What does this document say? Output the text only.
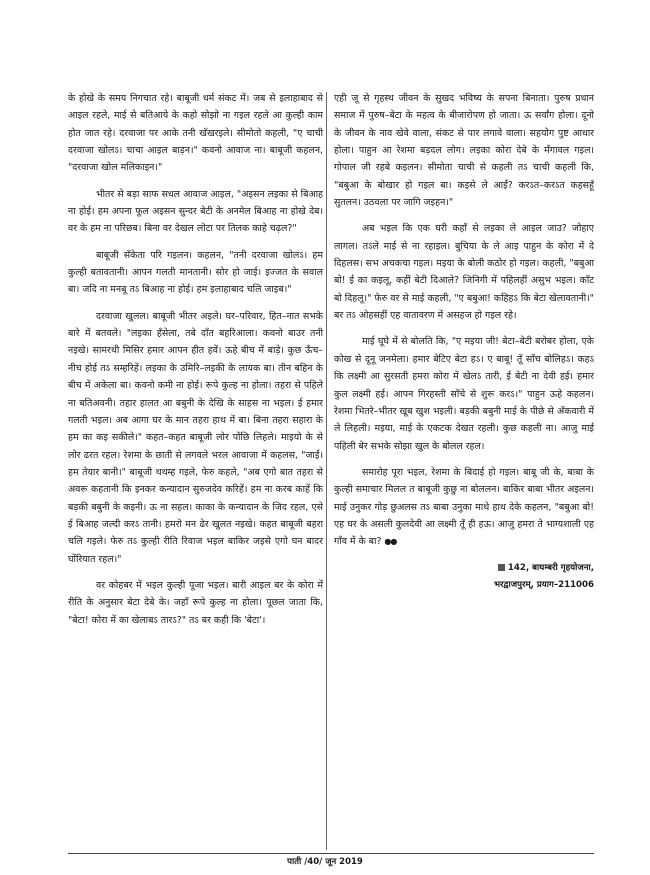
के होखे के समय निगचात रहे। बाबूजी धर्म संकट में। जब से इलाहाबाद से आइल रहले, माई से बतिआये के कहो सोझो ना गइल रहले आ कुल्ही काम होत जात रहे। दरवाजा पर आके तनी खँखरइले। सीमोतो कहली, "ए चाची दरवाजा खोलऽ। चाचा आइल बाड़न।" कवनो आवाज ना। बाबूजी कहलन, "दरवाजा खोल मलिकाइन।"

भीतर से बड़ा साफ सधल आवाज आइल, "अइसन लइका से बिआह ना होई। हम अपना फूल अइसन सुन्दर बेटी के अनमेल बिआह ना होखे देब। वर के हम ना परिछब। बिना वर देखल लोटा पर तिलक काहे चढ़ल?"

बाबूजी सँकेता परि गइलन। कहलन, "तनी दरवाजा खोलऽ। हम कुल्ही बतावतानी। आपन गलती मानतानी। सोर हो जाई। इज्जत के सवाल बा। जदि ना मनबू तऽ बिआह ना होई। हम इलाहाबाद चलि जाइब।"

दरवाजा खुलल। बाबूजी भीतर अइले। घर–परिवार, हित–नात सभके बारे में बतवले। "लइका हँसेला, तबे दाँत बहरिआला। कवनो बाउर तनी नइखे। सामरथी मिसिर हमार आपन हीत हवें। ऊहे बीच में बाड़े। कुछ ऊँच–नीच होई तऽ सम्हरिहें। लइका के उमिरि–लइकी के लायक बा। तीन बहिन के बीच में अकेला बा। कवनो कमी ना होई। रूपे कुल्ह ना होला। तहरा से पहिले ना बतिअवनी। तहार हालत आ बबुनी के देखि के साहस ना भइल। ई हमार गलती भइल। अब आगा घर के मान तहरा हाथ में बा। बिना तहरा सहारा के हम का कइ सकीले।" कहत–कहत बाबूजी लोर पोंछि लिहले। माइयो के से लोर ढरत रहल। रेशमा के छाती से लगवले भरल आवाजा में कहलस, "जाईं। हम तेयार बानी।" बाबूजी थथम्ह गइले, फेरु कहले, "अब एगो बात तहरा से अवरू कहतानी कि इनकर कन्यादान सुरुजदेव करिहें। हम ना करब काहें कि बड़की बबुनी के कइनी। ऊ ना सहल। काका के कन्यादान के जिद रहल, एसे ई बिआह जल्दी करऽ तानी। हमरो मन ढेर खुलत नइखे। कहत बाबूजी बहरा चलि गइले। फेरु तऽ कुल्ही रीति रिवाज भइल बाकिर जइसे एगो घन बादर घोंरियात रहल।"

वर कोहबर में भइल कुल्ही पूजा भइल। बारी आइल बर के कोरा में रीति के अनुसार बेटा देबे के। जहाँ रूपे कुल्ह ना होला। पूछल जाता कि, "बेटा! कोरा में का खेलाबऽ तारऽ?" तऽ बर कही कि 'बेटा'।

एही जू से गृहस्थ जीवन के सुखद भविष्य के सपना बिनाता। पुरुष प्रधान समाज में पुरुष–बेटा के महत्व के बीजारोपण हो जाता। ऊ सर्वांग होला। दूनो के जीवन के नाव खेवे वाला, संकट से पार लगावे वाला। सहयोग पुष्ट आधार होला। पाहुन आ रेशमा बड़दल लोग। लइका कोरा देबे के मँगावल गइल। गोपाल जी रहबे कइलन। सीमोता चाची से कहली तऽ चाची कहली कि, "बबुआ के बोखार हो गइल बा। कइसे ले आईं? करऽत–करऽत कहसहूँ सुतलन। उठवला पर जागि जइहन।"

अब भइल कि एक घरी कहाँ से लइका ले आइल जाउ? जोहाए लागल। तऽले माई से ना रहाइल। बुचिया के ले आइ पाहुन के कोरा में दे दिहलस। सभ अचकचा गइल। मइया के बोली कठोर हो गइल। कहली, "बबुआ बो! ई का कइलू, कहीं बेटी दिआले? जिनिगी में पहिलहीं असुभ भइल। काँट बो दिहलू।" फेरु वर से माई कहली, "ए बबुआ! कहिहऽ कि बेटा खेलावतानी।" बर तऽ ओहसहीं एह वातावरण में असहज हो गइल रहे।

माई घूघे में से बोलति कि, "ए मइया जी! बेटा–बेटी बरोबर होला, एके कोख से दूनू जनमेला। हमार बेटिए बेटा हऽ। ए बाबू! तूँ साँच बोलिहऽ। कहऽ कि लक्ष्मी आ सुरसती हमरा कोरा में खेलऽ तारी, ई बेटी ना देवी हई। हमार कुल लक्ष्मी हई। आपन गिरहस्ती साँचे से शुरू करऽ।" पाहुन ऊहे कहलन। रेशमा भितरे–भीतर खूब खुश भइली। बड़की बबुनी माई के पीछे से अँकवारी में ले लिहली। मइया, माई के एकटक देखत रहली। कुछ कहली ना। आजु माई पहिली बेर सभके सोझा खुल के बोलल रहल।

समारोह पूरा भइल, रेशमा के बिदाई हो गइल। बाबू जी के, बाबा के कुल्ही समाचार मिलल त बाबूजी कुछु ना बोललन। बाकिर बाबा भीतर अइलन। माई उनुकर गोड़ छुअलस तऽ बाबा उनुका माथे हाथ देके कहलन, "बबुआ बो! एह घर के असली कुलदेवी आ लक्ष्मी तूँ ही हऊ। आजु हमरा ते भाग्यशाली एह गाँव में के बा? ●●

142, बाघम्बरी गृहयोजना,
भरद्वाजपुरम्, प्रयाग–211006
पाती /40/ जून 2019
